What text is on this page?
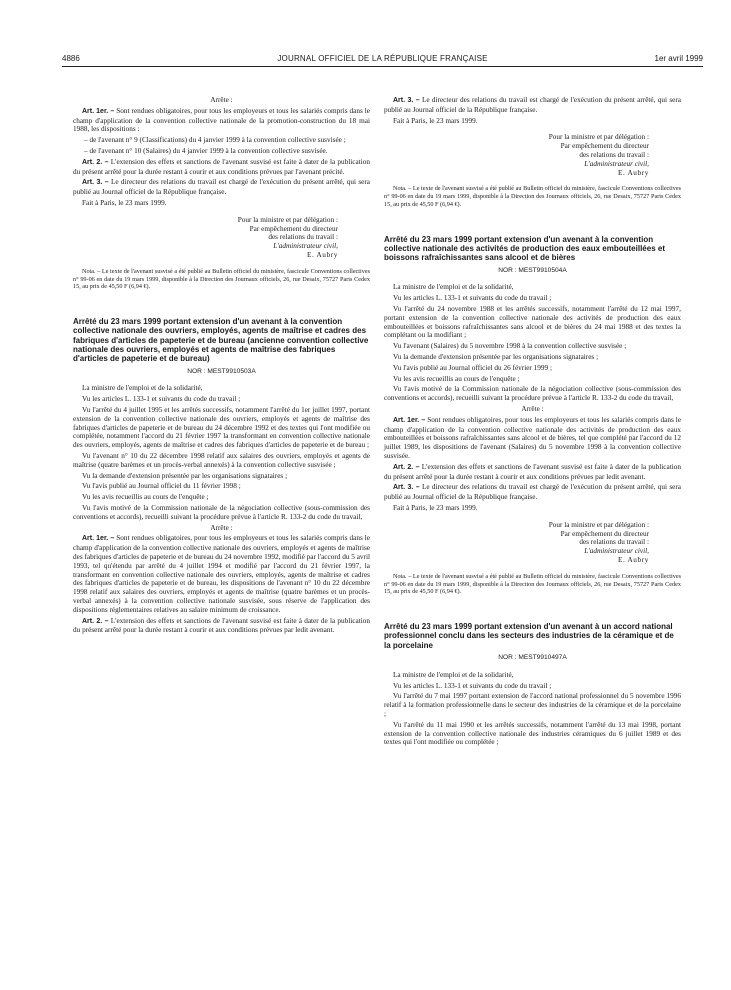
4886	JOURNAL OFFICIEL DE LA RÉPUBLIQUE FRANÇAISE	1er avril 1999

Arrête :

Art. 1er. – Sont rendues obligatoires, pour tous les employeurs et tous les salariés compris dans le champ d'application de la convention collective nationale de la promotion-construction du 18 mai 1988, les dispositions :

– de l'avenant n° 9 (Classifications) du 4 janvier 1999 à la convention collective susvisée ;

– de l'avenant n° 10 (Salaires) du 4 janvier 1999 à la convention collective susvisée.

Art. 2. – L'extension des effets et sanctions de l'avenant susvisé est faite à dater de la publication du présent arrêté pour la durée restant à courir et aux conditions prévues par l'avenant précité.

Art. 3. – Le directeur des relations du travail est chargé de l'exécution du présent arrêté, qui sera publié au Journal officiel de la République française.

Fait à Paris, le 23 mars 1999.

Pour la ministre et par délégation :
Par empêchement du directeur
des relations du travail :
L'administrateur civil,
E. Aubry

Nota. – Le texte de l'avenant susvisé a été publié au Bulletin officiel du ministère, fascicule Conventions collectives n° 99-06 en date du 19 mars 1999, disponible à la Direction des Journaux officiels, 26, rue Desaix, 75727 Paris Cedex 15, au prix de 45,50 F (6,94 €).

Arrêté du 23 mars 1999 portant extension d'un avenant à la convention collective nationale des ouvriers, employés, agents de maîtrise et cadres des fabriques d'articles de papeterie et de bureau (ancienne convention collective nationale des ouvriers, employés et agents de maîtrise des fabriques d'articles de papeterie et de bureau)

NOR : MEST9910503A

La ministre de l'emploi et de la solidarité,

Vu les articles L. 133-1 et suivants du code du travail ;

Vu l'arrêté du 4 juillet 1995 et les arrêtés successifs, notamment l'arrêté du 1er juillet 1997, portant extension de la convention collective nationale des ouvriers, employés et agents de maîtrise des fabriques d'articles de papeterie et de bureau du 24 décembre 1992 et des textes qui l'ont modifiée ou complétée, notamment l'accord du 21 février 1997 la transformant en convention collective nationale des ouvriers, employés, agents de maîtrise et cadres des fabriques d'articles de papeterie et de bureau ;

Vu l'avenant n° 10 du 22 décembre 1998 relatif aux salaires des ouvriers, employés et agents de maîtrise (quatre barèmes et un procès-verbal annexés) à la convention collective susvisée ;

Vu la demande d'extension présentée par les organisations signataires ;

Vu l'avis publié au Journal officiel du 11 février 1998 ;

Vu les avis recueillis au cours de l'enquête ;

Vu l'avis motivé de la Commission nationale de la négociation collective (sous-commission des conventions et accords), recueilli suivant la procédure prévue à l'article R. 133-2 du code du travail,

Arrête :

Art. 1er. – Sont rendues obligatoires, pour tous les employeurs et tous les salariés compris dans le champ d'application de la convention collective nationale des ouvriers, employés et agents de maîtrise des fabriques d'articles de papeterie et de bureau du 24 novembre 1992, modifié par l'accord du 5 avril 1993, tel qu'étendu par arrêté du 4 juillet 1994 et modifié par l'accord du 21 février 1997, la transformant en convention collective nationale des ouvriers, employés, agents de maîtrise et cadres des fabriques d'articles de papeterie et de bureau, les dispositions de l'avenant n° 10 du 22 décembre 1998 relatif aux salaires des ouvriers, employés et agents de maîtrise (quatre barèmes et un procès-verbal annexés) à la convention collective nationale susvisée, sous réserve de l'application des dispositions réglementaires relatives au salaire minimum de croissance.

Art. 2. – L'extension des effets et sanctions de l'avenant susvisé est faite à dater de la publication du présent arrêté pour la durée restant à courir et aux conditions prévues par ledit avenant.

Art. 3. – Le directeur des relations du travail est chargé de l'exécution du présent arrêté, qui sera publié au Journal officiel de la République française.

Fait à Paris, le 23 mars 1999.

Pour la ministre et par délégation :
Par empêchement du directeur
des relations du travail :
L'administrateur civil,
E. Aubry

Nota. – Le texte de l'avenant susvisé a été publié au Bulletin officiel du ministère, fascicule Conventions collectives n° 99-06 en date du 19 mars 1999, disponible à la Direction des Journaux officiels, 26, rue Desaix, 75727 Paris Cedex 15, au prix de 45,50 F (6,94 €).

Arrêté du 23 mars 1999 portant extension d'un avenant à la convention collective nationale des activités de production des eaux embouteillées et boissons rafraîchissantes sans alcool et de bières

NOR : MEST9910504A

La ministre de l'emploi et de la solidarité,

Vu les articles L. 133-1 et suivants du code du travail ;

Vu l'arrêté du 24 novembre 1988 et les arrêtés successifs, notamment l'arrêté du 12 mai 1997, portant extension de la convention collective nationale des activités de production des eaux embouteillées et boissons rafraîchissantes sans alcool et de bières du 24 mai 1988 et des textes la complétant ou la modifiant ;

Vu l'avenant (Salaires) du 5 novembre 1998 à la convention collective susvisée ;

Vu la demande d'extension présentée par les organisations signataires ;

Vu l'avis publié au Journal officiel du 26 février 1999 ;

Vu les avis recueillis au cours de l'enquête ;

Vu l'avis motivé de la Commission nationale de la négociation collective (sous-commission des conventions et accords), recueilli suivant la procédure prévue à l'article R. 133-2 du code du travail,

Arrête :

Art. 1er. – Sont rendues obligatoires, pour tous les employeurs et tous les salariés compris dans le champ d'application de la convention collective nationale des activités de production des eaux embouteillées et boissons rafraîchissantes sans alcool et de bières, tel que complété par l'accord du 12 juillet 1989, les dispositions de l'avenant (Salaires) du 5 novembre 1998 à la convention collective susvisée.

Art. 2. – L'extension des effets et sanctions de l'avenant susvisé est faite à dater de la publication du présent arrêté pour la durée restant à courir et aux conditions prévues par ledit avenant.

Art. 3. – Le directeur des relations du travail est chargé de l'exécution du présent arrêté, qui sera publié au Journal officiel de la République française.

Fait à Paris, le 23 mars 1999.

Pour la ministre et par délégation :
Par empêchement du directeur
des relations du travail :
L'administrateur civil,
E. Aubry

Nota. – Le texte de l'avenant susvisé a été publié au Bulletin officiel du ministère, fascicule Conventions collectives n° 99-06 en date du 19 mars 1999, disponible à la Direction des Journaux officiels, 26, rue Desaix, 75727 Paris Cedex 15, au prix de 45,50 F (6,94 €).

Arrêté du 23 mars 1999 portant extension d'un avenant à un accord national professionnel conclu dans les secteurs des industries de la céramique et de la porcelaine

NOR : MEST9910497A

La ministre de l'emploi et de la solidarité,

Vu les articles L. 133-1 et suivants du code du travail ;

Vu l'arrêté du 7 mai 1997 portant extension de l'accord national professionnel du 5 novembre 1996 relatif à la formation professionnelle dans le secteur des industries de la céramique et de la porcelaine ;

Vu l'arrêté du 11 mai 1990 et les arrêtés successifs, notamment l'arrêté du 13 mai 1998, portant extension de la convention collective nationale des industries céramiques du 6 juillet 1989 et des textes qui l'ont modifiée ou complétée ;
